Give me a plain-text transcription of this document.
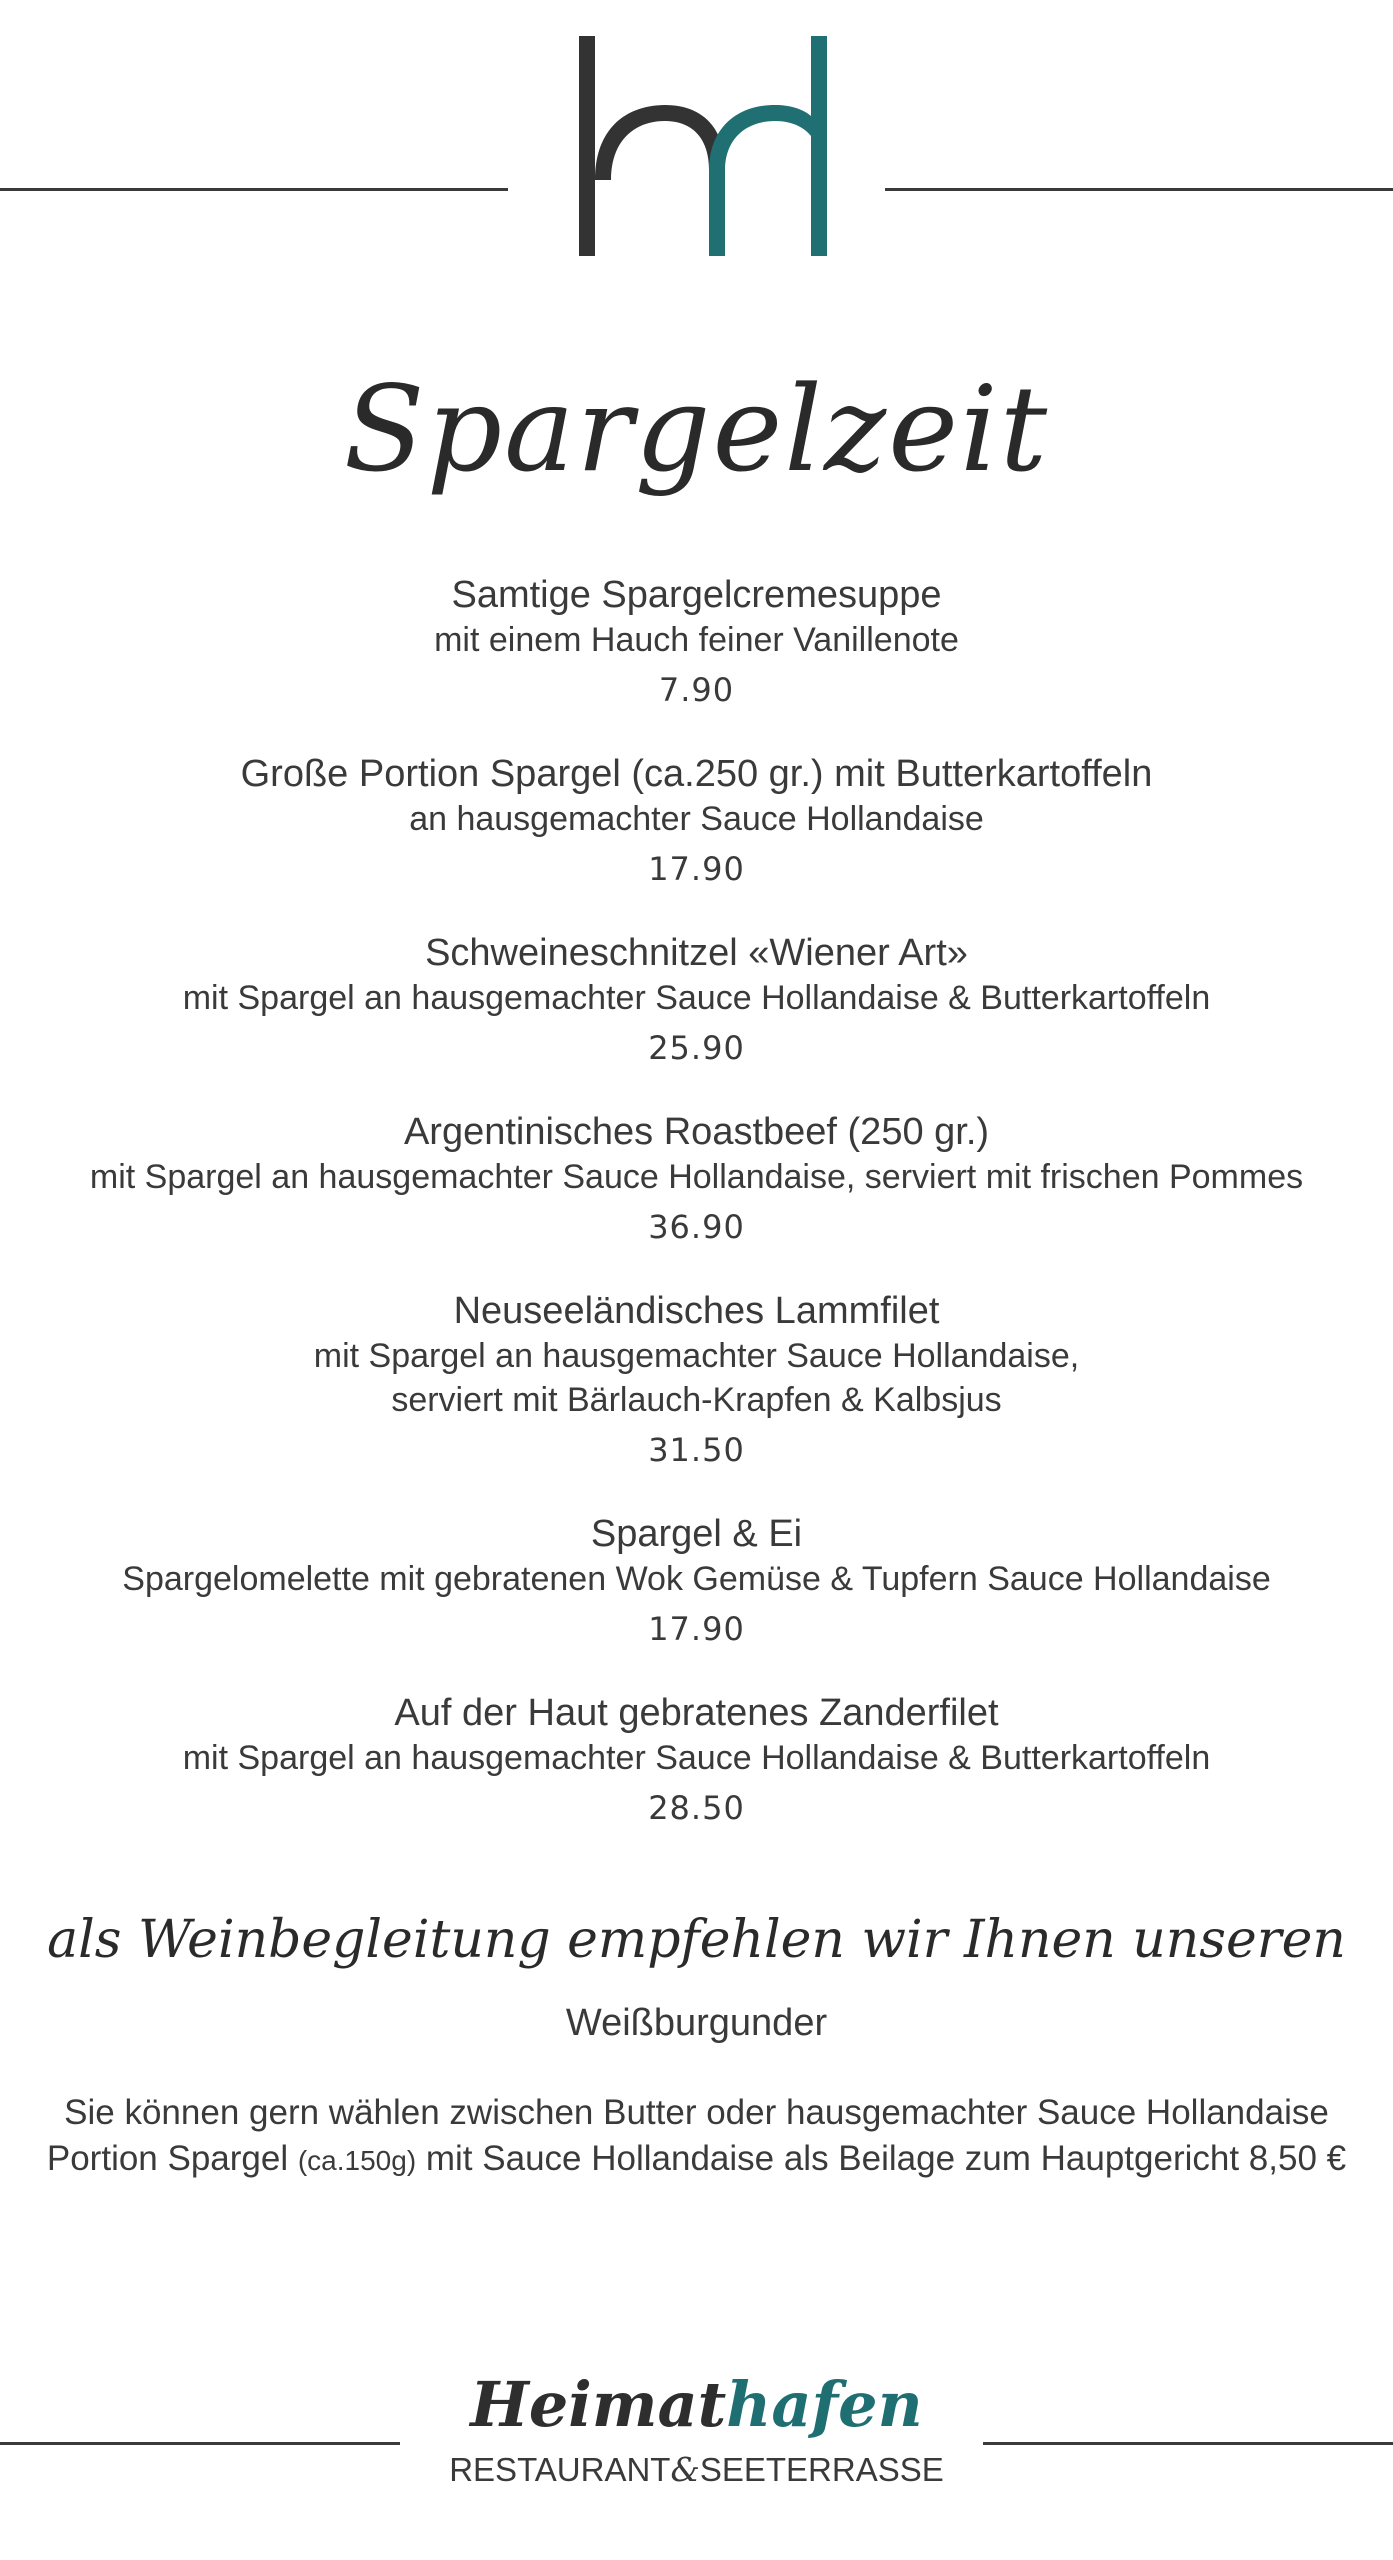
Spargelzeit
Samtige Spargelcremesuppe
mit einem Hauch feiner Vanillenote
7.90
Große Portion Spargel (ca.250 gr.) mit Butterkartoffeln
an hausgemachter Sauce Hollandaise
17.90
Schweineschnitzel «Wiener Art»
mit Spargel an hausgemachter Sauce Hollandaise & Butterkartoffeln
25.90
Argentinisches Roastbeef (250 gr.)
mit Spargel an hausgemachter Sauce Hollandaise, serviert mit frischen Pommes
36.90
Neuseeländisches Lammfilet
mit Spargel an hausgemachter Sauce Hollandaise,
serviert mit Bärlauch-Krapfen & Kalbsjus
31.50
Spargel & Ei
Spargelomelette mit gebratenen Wok Gemüse & Tupfern Sauce Hollandaise
17.90
Auf der Haut gebratenes Zanderfilet
mit Spargel an hausgemachter Sauce Hollandaise & Butterkartoffeln
28.50
als Weinbegleitung empfehlen wir Ihnen unseren
Weißburgunder
Sie können gern wählen zwischen Butter oder hausgemachter Sauce Hollandaise
Portion Spargel (ca.150g) mit Sauce Hollandaise als Beilage zum Hauptgericht 8,50 €
Heimathafen
RESTAURANT&SEETERRASSE
